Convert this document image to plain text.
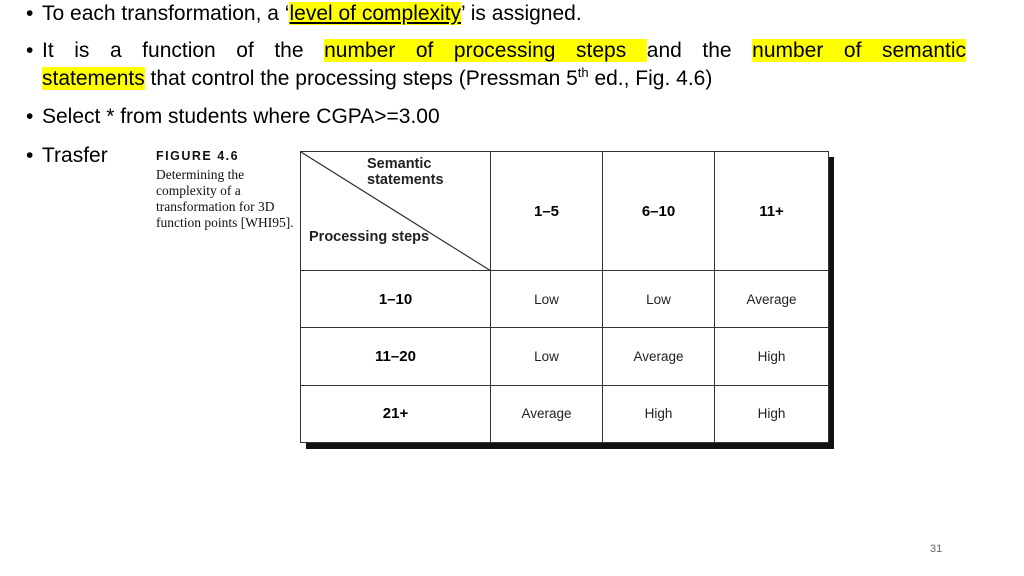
• To each transformation, a ‘level of complexity’ is assigned.
• It is a function of the number of processing steps and the number of semantic
statements that control the processing steps (Pressman 5th ed., Fig. 4.6)
• Select * from students where CGPA>=3.00
• Trasfer	FIGURE 4.6
Determining the complexity of a transformation for 3D function points [WHI95].
Semantic statements
Processing steps	1–5	6–10	11+
1–10	Low	Low	Average
11–20	Low	Average	High
21+	Average	High	High
31
